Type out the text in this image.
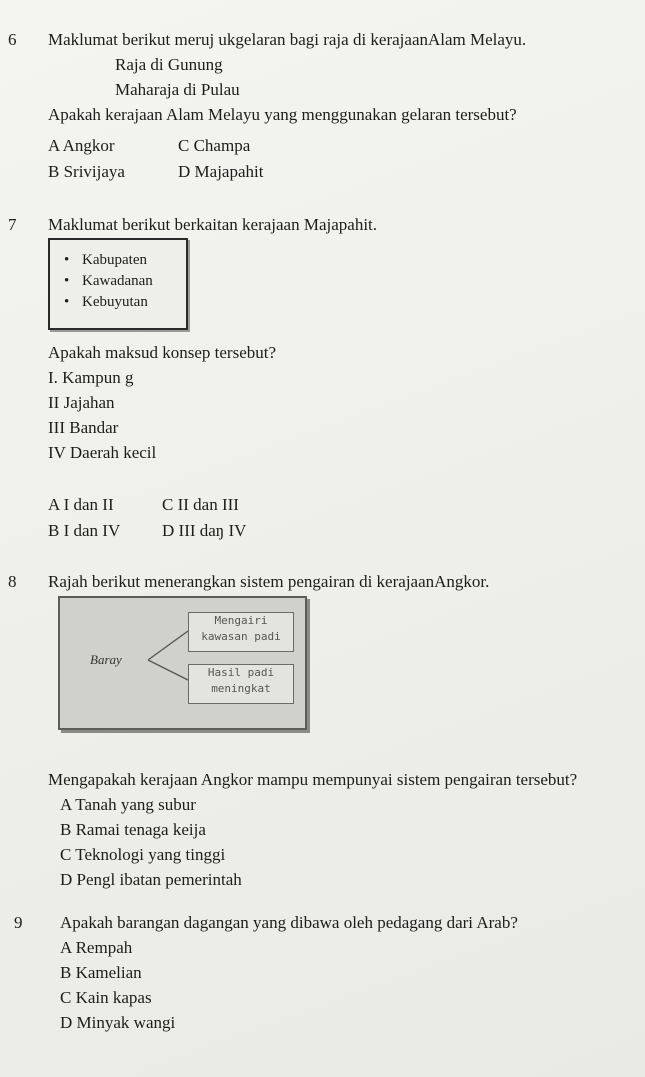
6 Maklumat berikut meruj ukgelaran bagi raja di kerajaanAlam Melayu.
Raja di Gunung
Maharaja di Pulau
Apakah kerajaan Alam Melayu yang menggunakan gelaran tersebut?
A Angkor	C Champa
B Srivijaya	D Majapahit
7 Maklumat berikut berkaitan kerajaan Majapahit.
• Kabupaten
• Kawadanan
• Kebuyutan
Apakah maksud konsep tersebut?
I. Kampun g
II Jajahan
III Bandar
IV Daerah kecil
A I dan II	C II dan III
B I dan IV D III daŋ IV
8 Rajah berikut menerangkan sistem pengairan di kerajaanAngkor.
Baray
Mengairi
kawasan padi
Hasil padi
meningkat
Mengapakah kerajaan Angkor mampu mempunyai sistem pengairan tersebut?
A Tanah yang subur
B Ramai tenaga keija
C Teknologi yang tinggi
D Pengl ibatan pemerintah
9 Apakah barangan dagangan yang dibawa oleh pedagang dari Arab?
A Rempah
B Kamelian
C Kain kapas
D Minyak wangi
